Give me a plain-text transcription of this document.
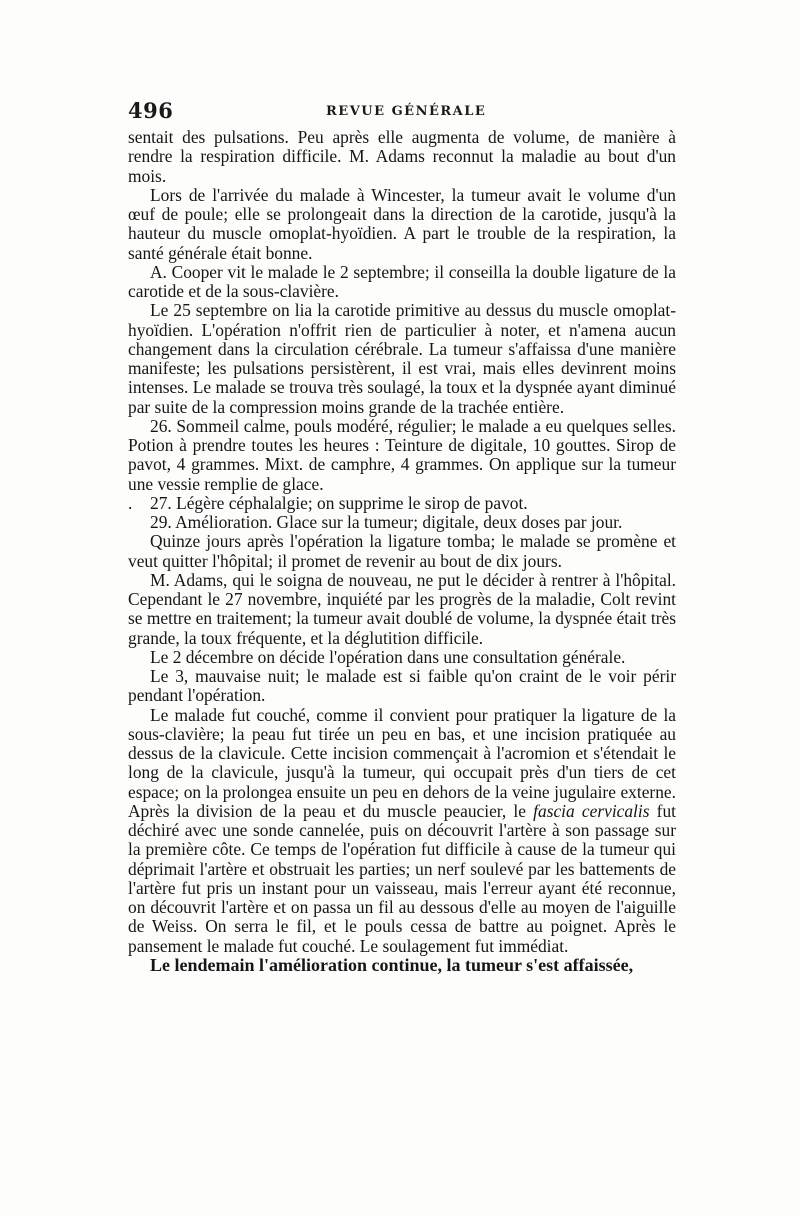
496	REVUE GÉNÉRALE

sentait des pulsations. Peu après elle augmenta de volume, de manière à rendre la respiration difficile. M. Adams reconnut la maladie au bout d'un mois.

Lors de l'arrivée du malade à Wincester, la tumeur avait le volume d'un œuf de poule; elle se prolongeait dans la direction de la carotide, jusqu'à la hauteur du muscle omoplat-hyoïdien. A part le trouble de la respiration, la santé générale était bonne.

A. Cooper vit le malade le 2 septembre; il conseilla la double ligature de la carotide et de la sous-clavière.

Le 25 septembre on lia la carotide primitive au dessus du muscle omoplat-hyoïdien. L'opération n'offrit rien de particulier à noter, et n'amena aucun changement dans la circulation cérébrale. La tumeur s'affaissa d'une manière manifeste; les pulsations persistèrent, il est vrai, mais elles devinrent moins intenses. Le malade se trouva très soulagé, la toux et la dyspnée ayant diminué par suite de la compression moins grande de la trachée entière.

26. Sommeil calme, pouls modéré, régulier; le malade a eu quelques selles. Potion à prendre toutes les heures : Teinture de digitale, 10 gouttes. Sirop de pavot, 4 grammes. Mixt. de camphre, 4 grammes. On applique sur la tumeur une vessie remplie de glace.

. 27. Légère céphalalgie; on supprime le sirop de pavot.

29. Amélioration. Glace sur la tumeur; digitale, deux doses par jour.

Quinze jours après l'opération la ligature tomba; le malade se promène et veut quitter l'hôpital; il promet de revenir au bout de dix jours.

M. Adams, qui le soigna de nouveau, ne put le décider à rentrer à l'hôpital. Cependant le 27 novembre, inquiété par les progrès de la maladie, Colt revint se mettre en traitement; la tumeur avait doublé de volume, la dyspnée était très grande, la toux fréquente, et la déglutition difficile.

Le 2 décembre on décide l'opération dans une consultation générale.

Le 3, mauvaise nuit; le malade est si faible qu'on craint de le voir périr pendant l'opération.

Le malade fut couché, comme il convient pour pratiquer la ligature de la sous-clavière; la peau fut tirée un peu en bas, et une incision pratiquée au dessus de la clavicule. Cette incision commençait à l'acromion et s'étendait le long de la clavicule, jusqu'à la tumeur, qui occupait près d'un tiers de cet espace; on la prolongea ensuite un peu en dehors de la veine jugulaire externe. Après la division de la peau et du muscle peaucier, le fascia cervicalis fut déchiré avec une sonde cannelée, puis on découvrit l'artère à son passage sur la première côte. Ce temps de l'opération fut difficile à cause de la tumeur qui déprimait l'artère et obstruait les parties; un nerf soulevé par les battements de l'artère fut pris un instant pour un vaisseau, mais l'erreur ayant été reconnue, on découvrit l'artère et on passa un fil au dessous d'elle au moyen de l'aiguille de Weiss. On serra le fil, et le pouls cessa de battre au poignet. Après le pansement le malade fut couché. Le soulagement fut immédiat.

Le lendemain l'amélioration continue, la tumeur s'est affaissée,
